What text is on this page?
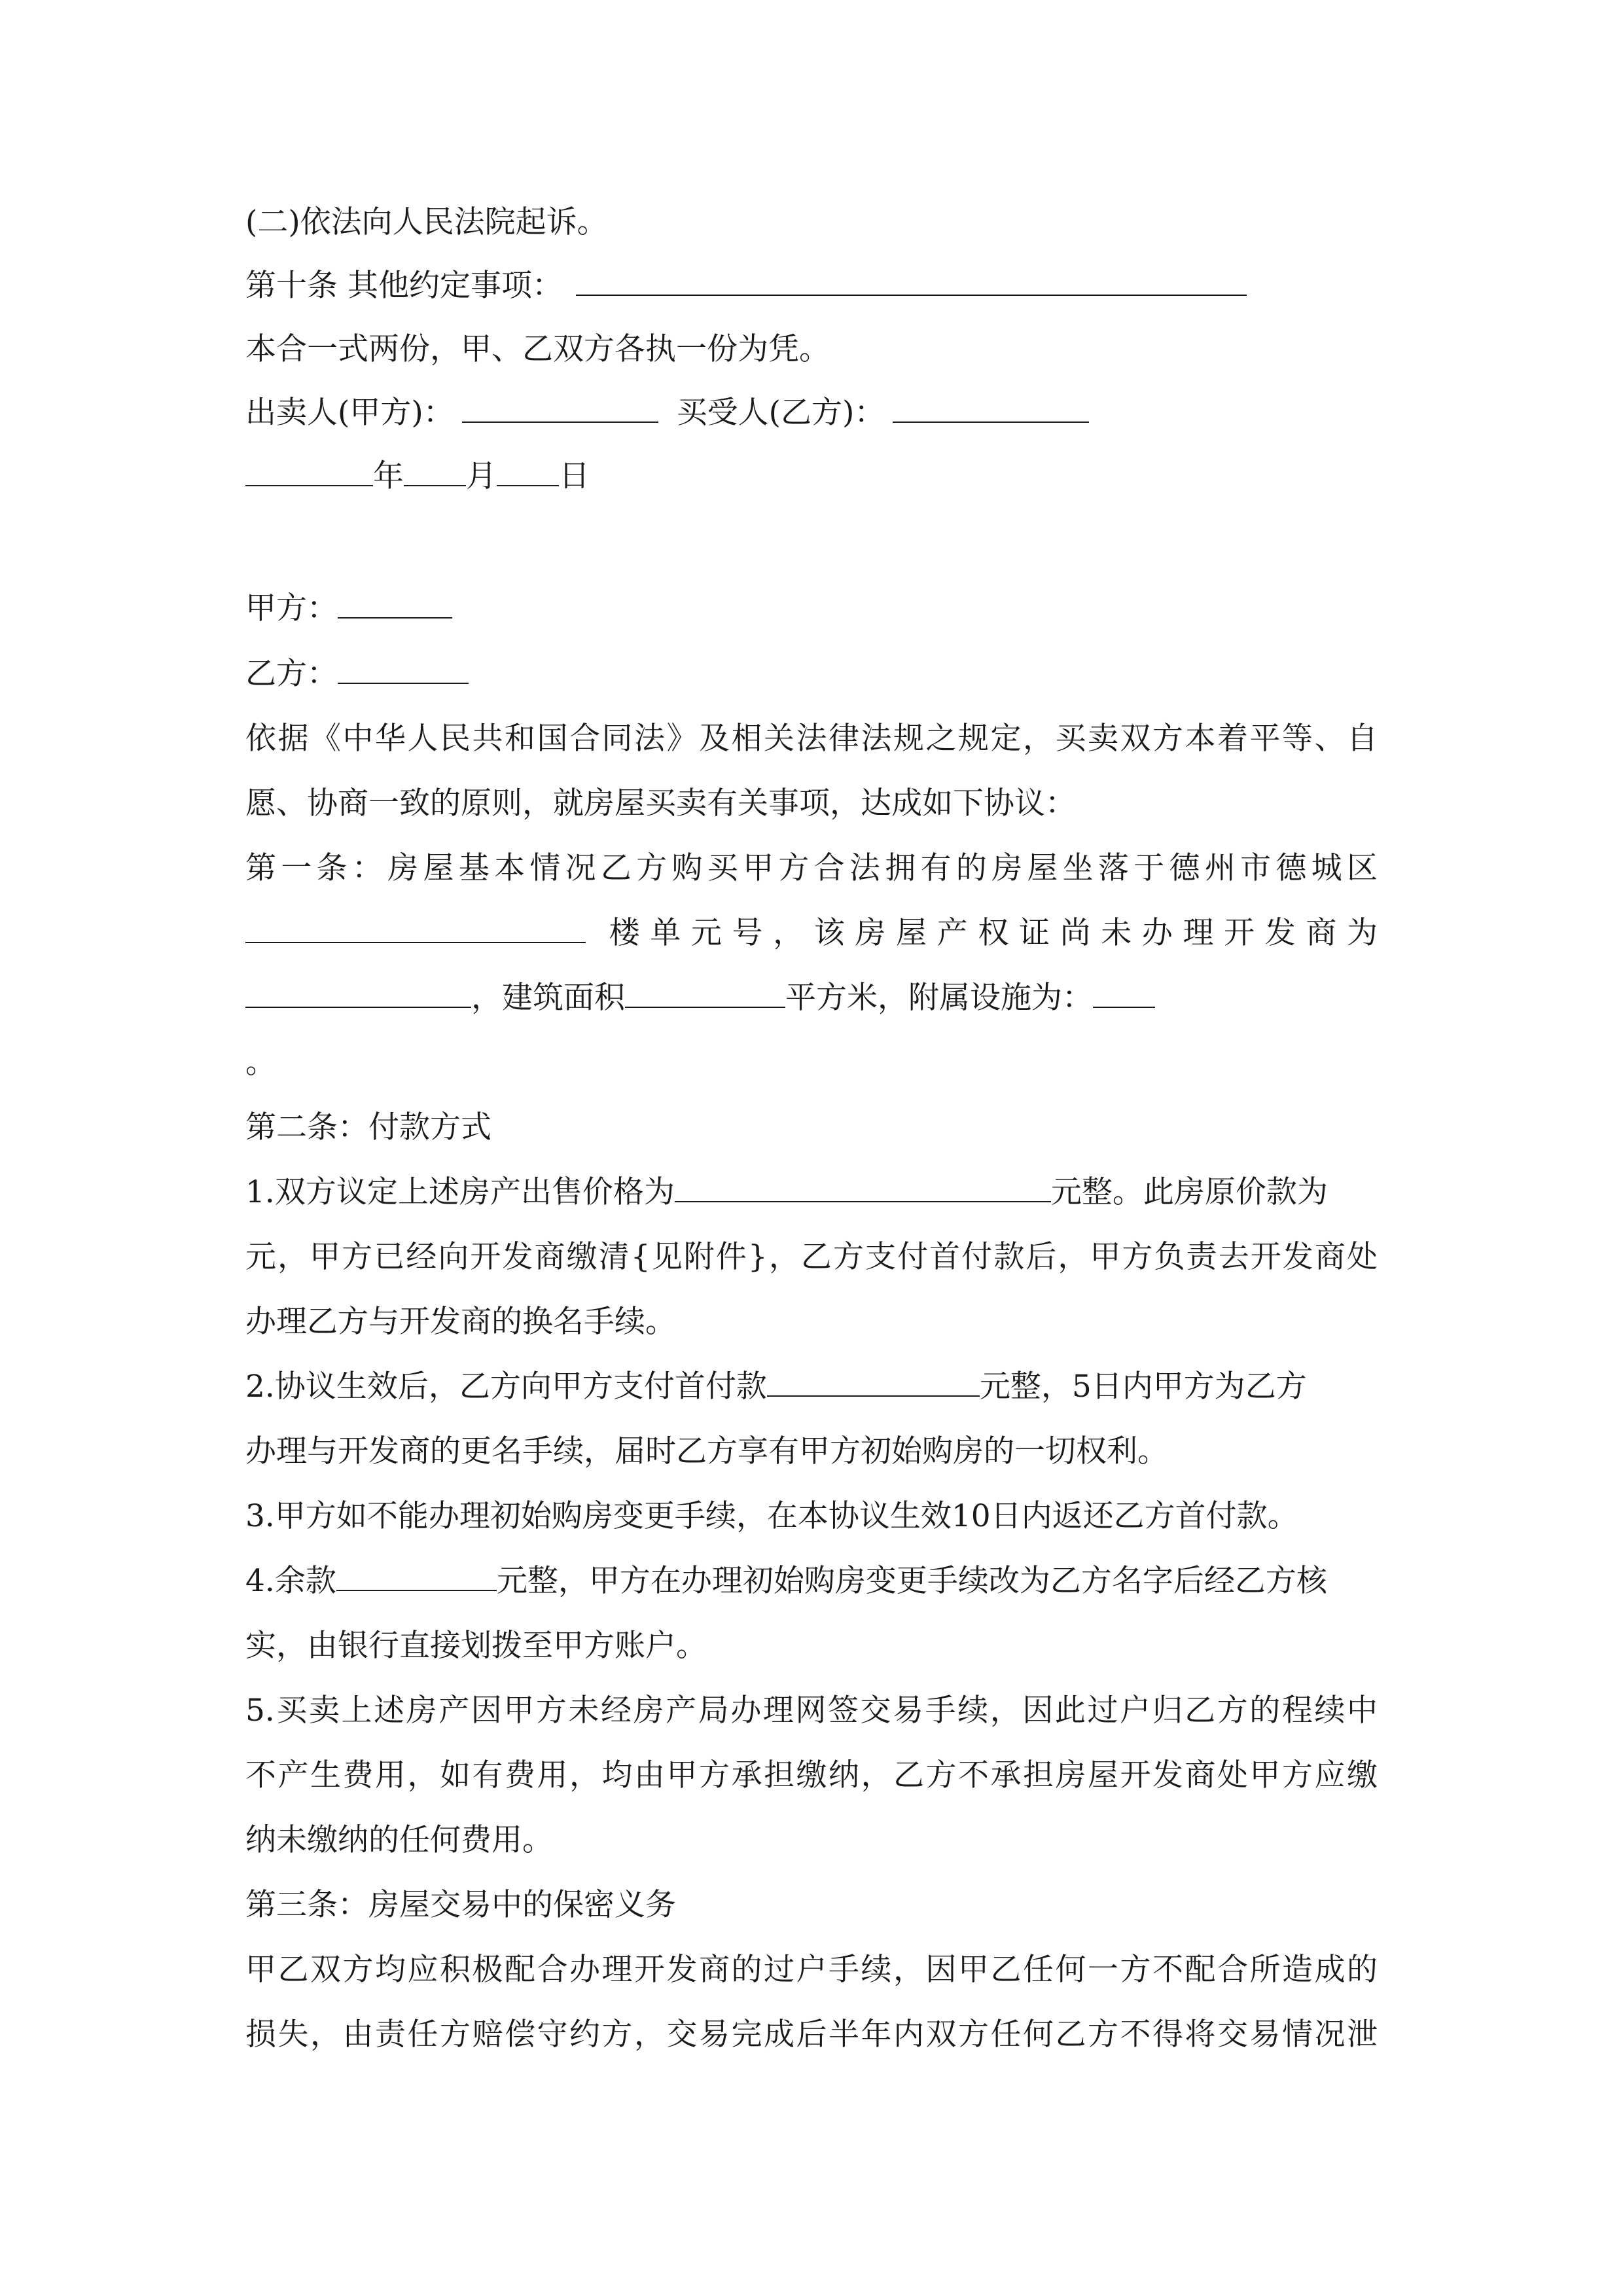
(二)依法向人民法院起诉。
第十条 其他约定事项：
本合一式两份，甲、乙双方各执一份为凭。
出卖人(甲方)：	买受人(乙方)：
年 月 日
甲方：
乙方：
依据《中华人民共和国合同法》及相关法律法规之规定，买卖双方本着平等、自
愿、协商一致的原则，就房屋买卖有关事项，达成如下协议：
第一条：房屋基本情况乙方购买甲方合法拥有的房屋坐落于德州市德城区
楼单元号，该房屋产权证尚未办理开发商为
，建筑面积	平方米，附属设施为：
。
第二条：付款方式
1.双方议定上述房产出售价格为	元整。此房原价款为
元，甲方已经向开发商缴清{见附件}，乙方支付首付款后，甲方负责去开发商处
办理乙方与开发商的换名手续。
2.协议生效后，乙方向甲方支付首付款	元整，5日内甲方为乙方
办理与开发商的更名手续，届时乙方享有甲方初始购房的一切权利。
3.甲方如不能办理初始购房变更手续，在本协议生效10日内返还乙方首付款。
4.余款	元整，甲方在办理初始购房变更手续改为乙方名字后经乙方核
实，由银行直接划拨至甲方账户。
5.买卖上述房产因甲方未经房产局办理网签交易手续，因此过户归乙方的程续中
不产生费用，如有费用，均由甲方承担缴纳，乙方不承担房屋开发商处甲方应缴
纳未缴纳的任何费用。
第三条：房屋交易中的保密义务
甲乙双方均应积极配合办理开发商的过户手续，因甲乙任何一方不配合所造成的
损失，由责任方赔偿守约方，交易完成后半年内双方任何乙方不得将交易情况泄
